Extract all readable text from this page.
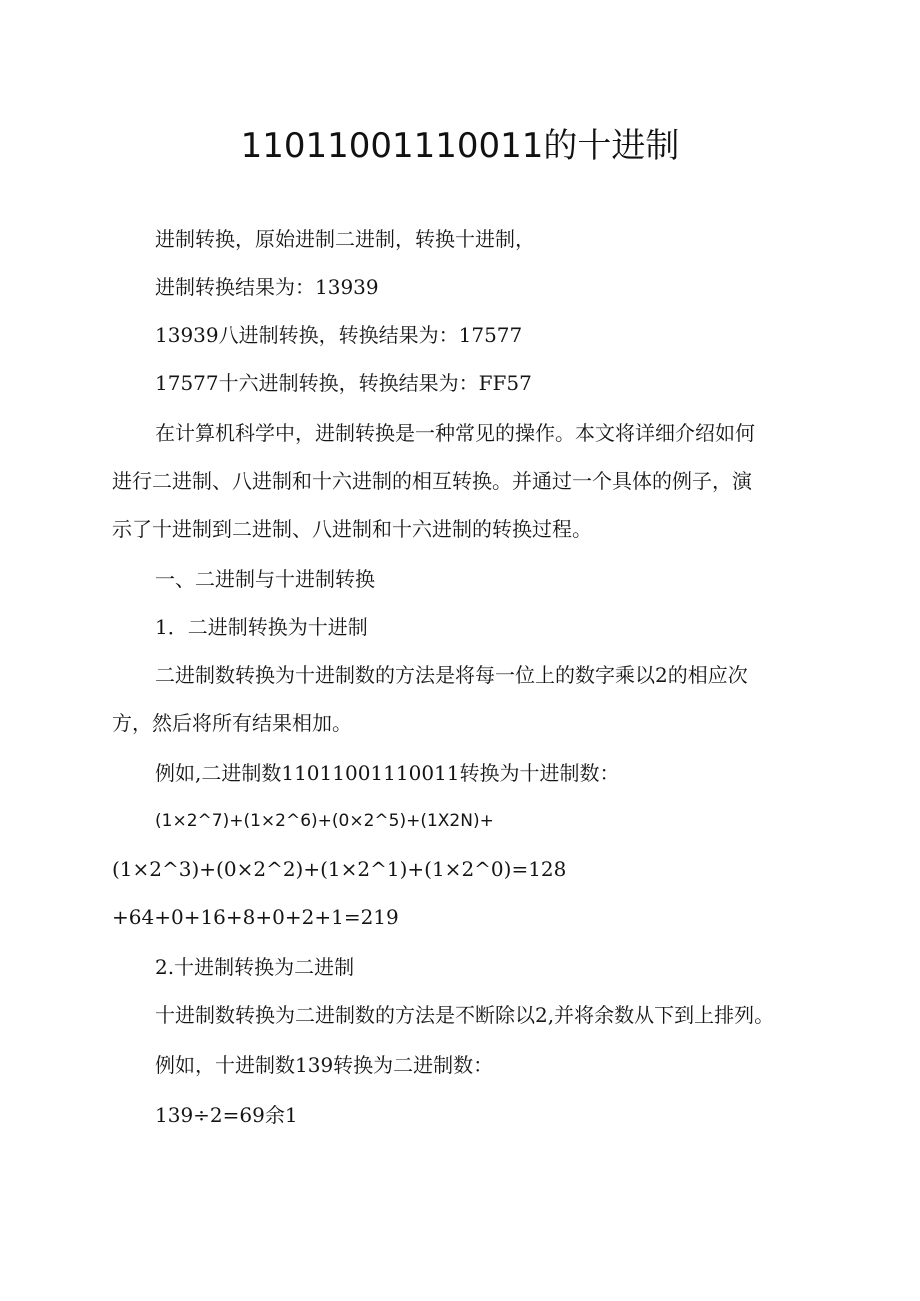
11011001110011的十进制
进制转换，原始进制二进制，转换十进制，
进制转换结果为：13939
13939八进制转换，转换结果为：17577
17577十六进制转换，转换结果为：FF57
在计算机科学中，进制转换是一种常见的操作。本文将详细介绍如何
进行二进制、八进制和十六进制的相互转换。并通过一个具体的例子，演
示了十进制到二进制、八进制和十六进制的转换过程。
一、二进制与十进制转换
1．二进制转换为十进制
二进制数转换为十进制数的方法是将每一位上的数字乘以2的相应次
方，然后将所有结果相加。
例如,二进制数11011001110011转换为十进制数：
(1×2^7)+(1×2^6)+(0×2^5)+(1X2N)+
(1×2^3)+(0×2^2)+(1×2^1)+(1×2^0)=128
+64+0+16+8+0+2+1=219
2.十进制转换为二进制
十进制数转换为二进制数的方法是不断除以2,并将余数从下到上排列。
例如，十进制数139转换为二进制数：
139÷2=69余1
